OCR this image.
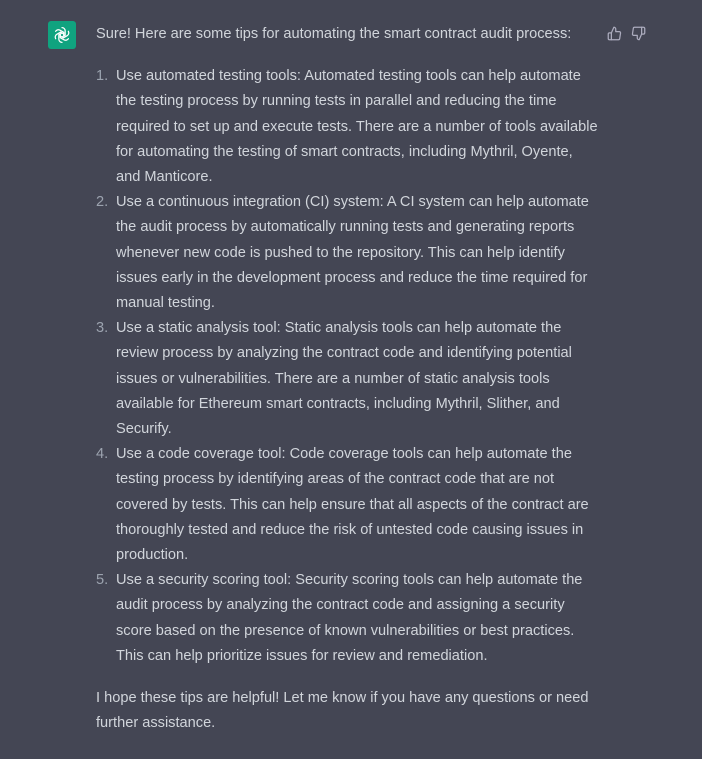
Sure! Here are some tips for automating the smart contract audit process:

1. Use automated testing tools: Automated testing tools can help automate the testing process by running tests in parallel and reducing the time required to set up and execute tests. There are a number of tools available for automating the testing of smart contracts, including Mythril, Oyente, and Manticore.
2. Use a continuous integration (CI) system: A CI system can help automate the audit process by automatically running tests and generating reports whenever new code is pushed to the repository. This can help identify issues early in the development process and reduce the time required for manual testing.
3. Use a static analysis tool: Static analysis tools can help automate the review process by analyzing the contract code and identifying potential issues or vulnerabilities. There are a number of static analysis tools available for Ethereum smart contracts, including Mythril, Slither, and Securify.
4. Use a code coverage tool: Code coverage tools can help automate the testing process by identifying areas of the contract code that are not covered by tests. This can help ensure that all aspects of the contract are thoroughly tested and reduce the risk of untested code causing issues in production.
5. Use a security scoring tool: Security scoring tools can help automate the audit process by analyzing the contract code and assigning a security score based on the presence of known vulnerabilities or best practices. This can help prioritize issues for review and remediation.

I hope these tips are helpful! Let me know if you have any questions or need further assistance.
